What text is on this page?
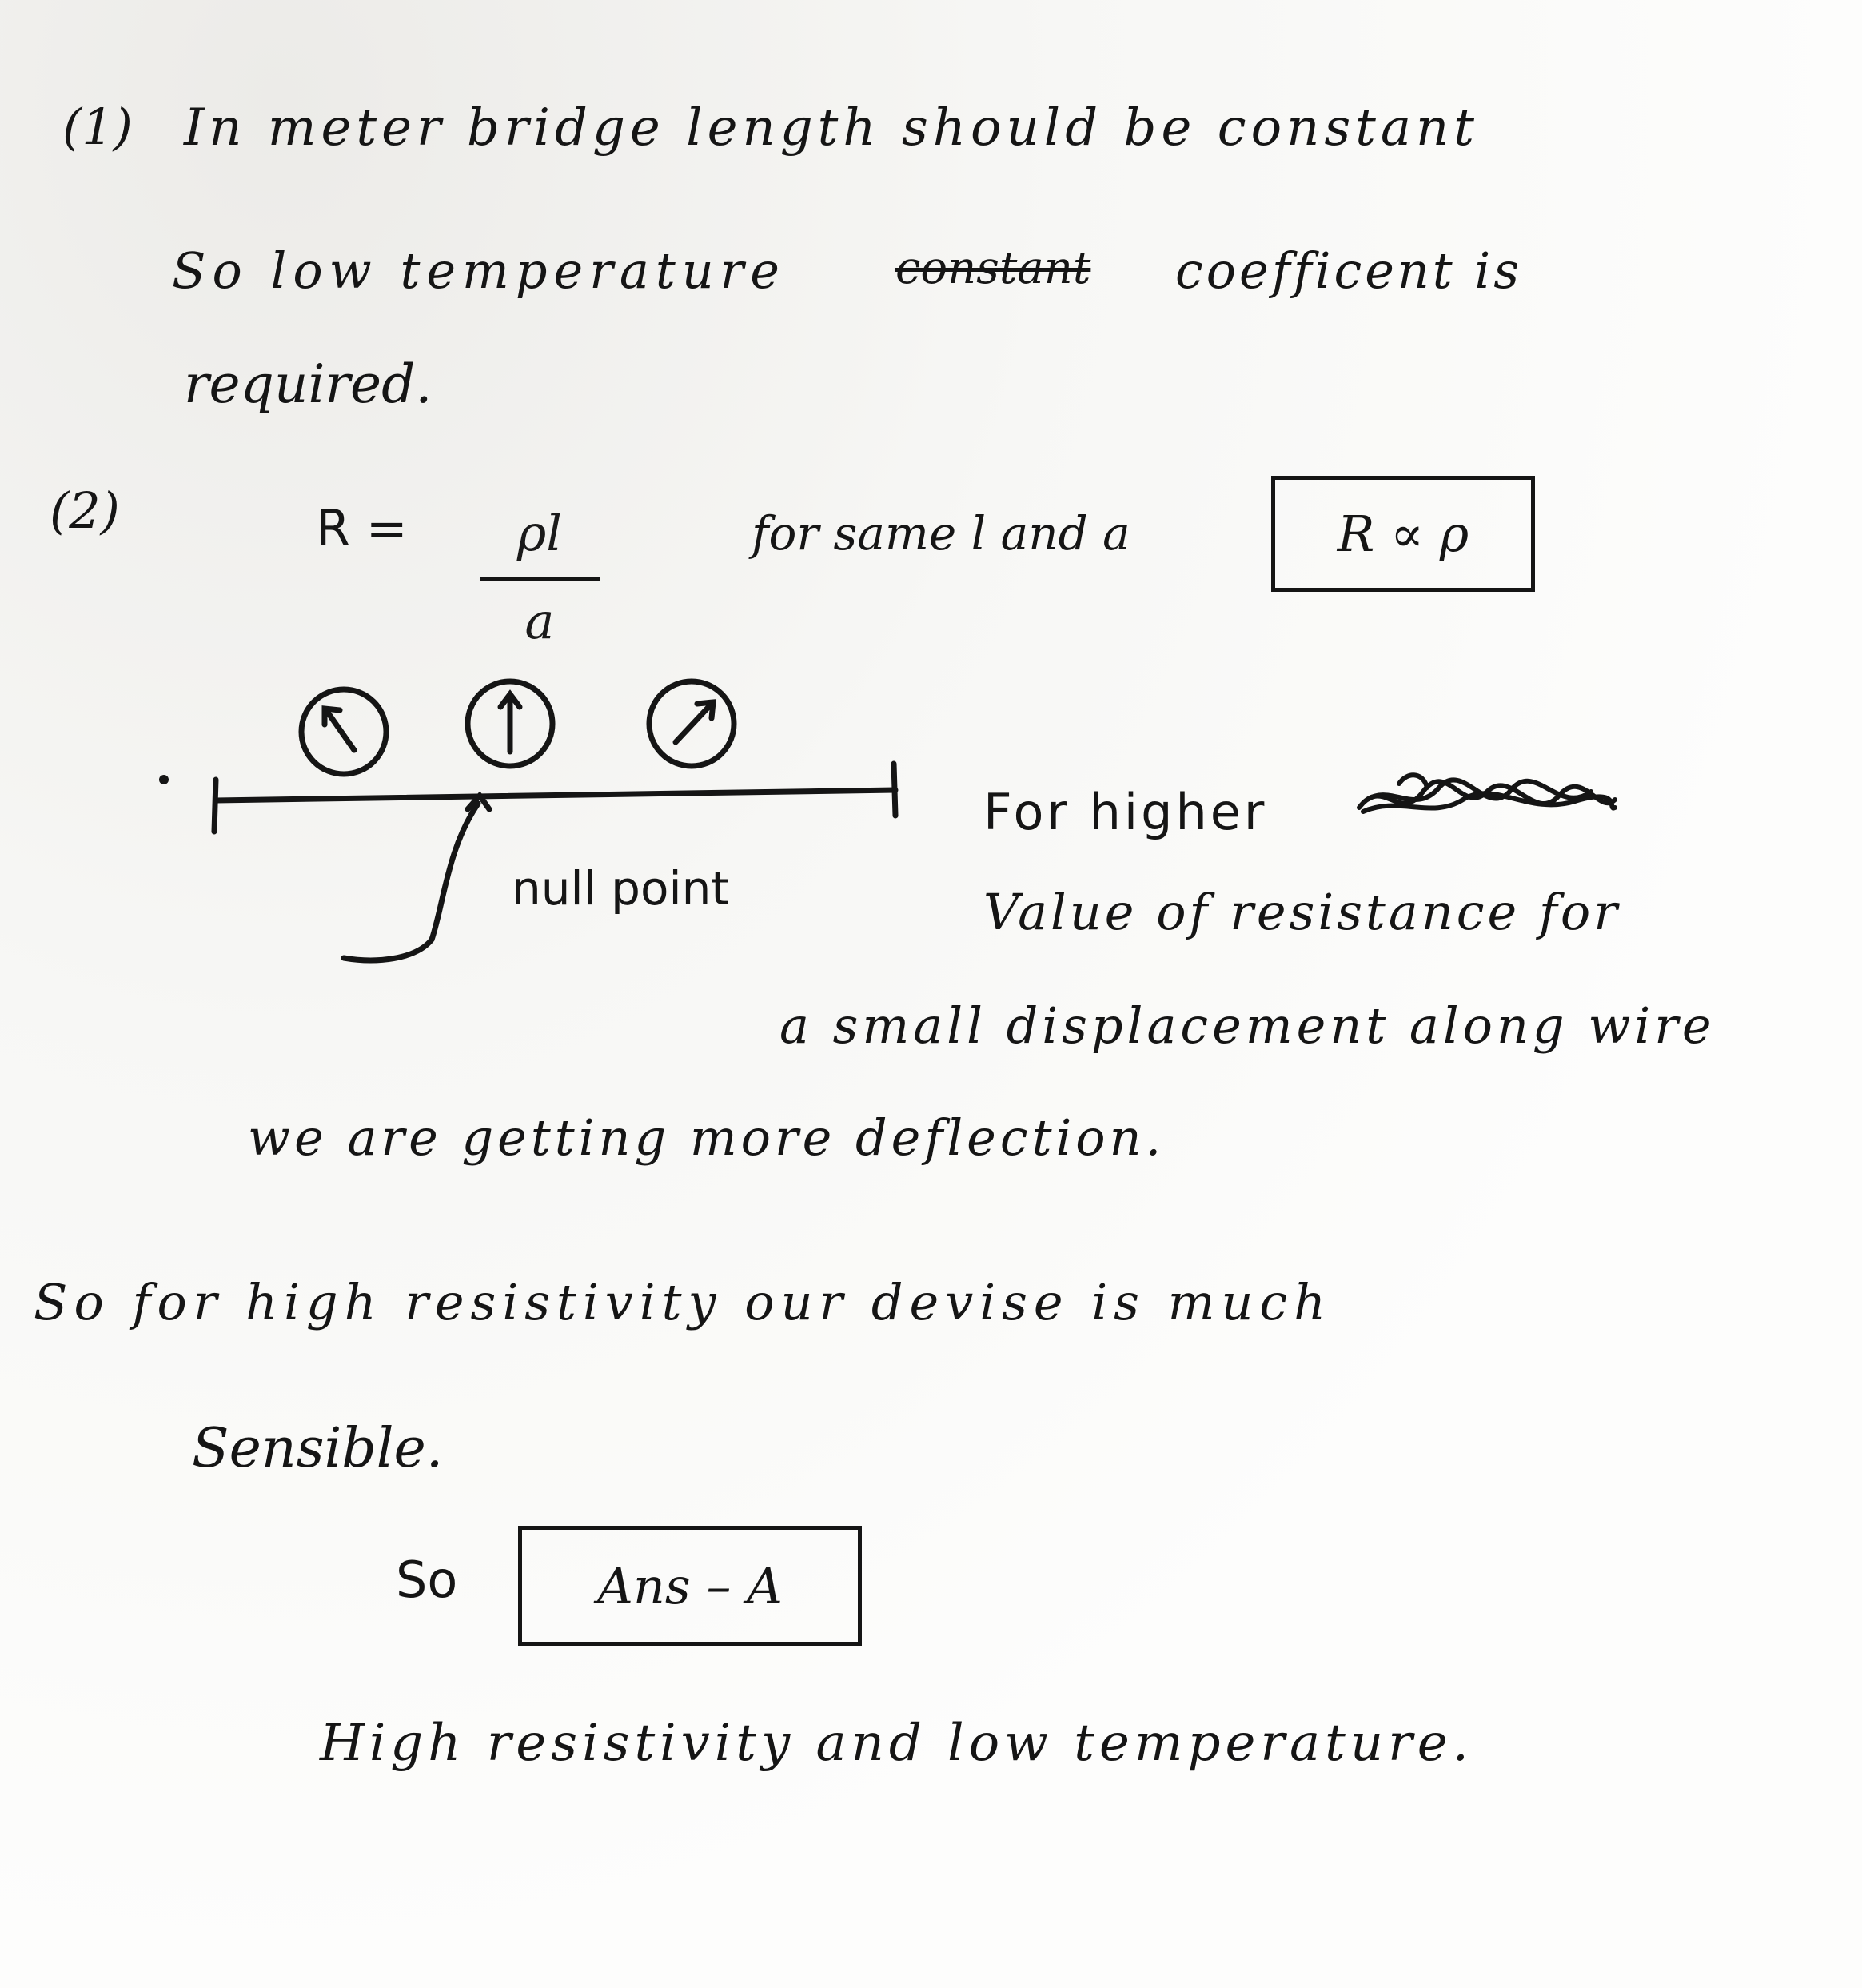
(1) In meter bridge length should be constant
So low temperature constant coefficent is
required.
(2)	R =	ρl
a
for same l and a	R ∝ ρ
null point
For higher
Value of resistance for
a small displacement along wire
we are getting more deflection.
So for high resistivity our devise is much
Sensible.
So	Ans – A
High resistivity and low temperature.
